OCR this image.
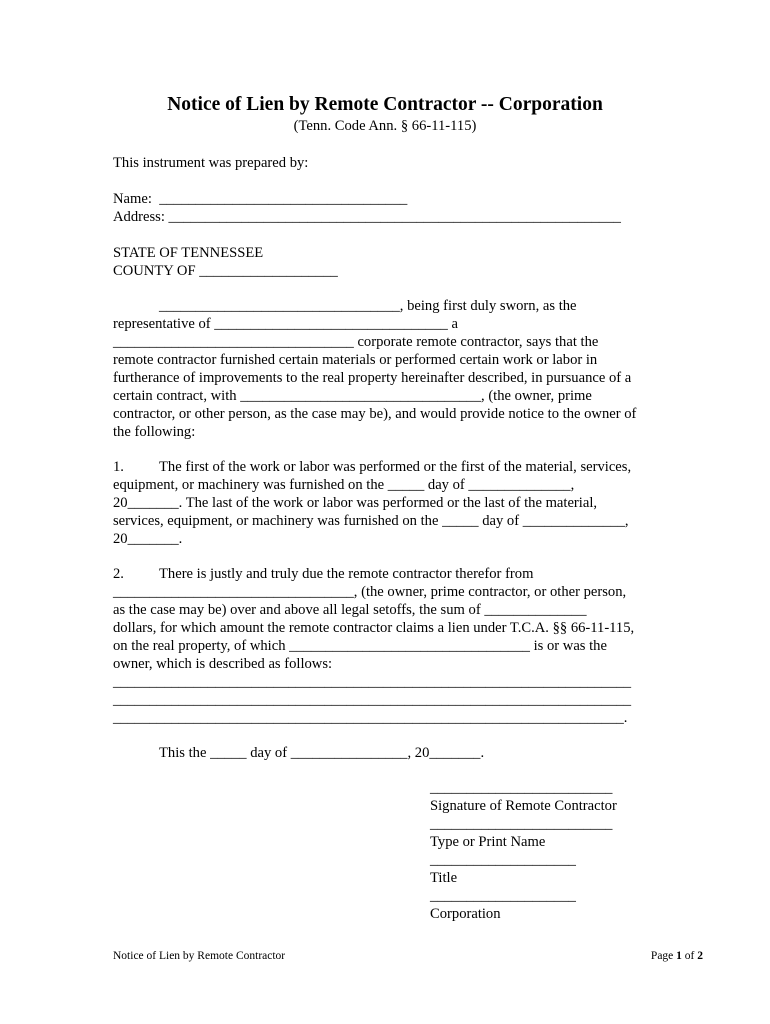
Notice of Lien by Remote Contractor -- Corporation
(Tenn. Code Ann. § 66-11-115)
This instrument was prepared by:
Name:  __________________________________
Address: ______________________________________________________________
STATE OF TENNESSEE
COUNTY OF ___________________
_________________________________, being first duly sworn, as the
representative of ________________________________ a
_________________________________ corporate remote contractor, says that the
remote contractor furnished certain materials or performed certain work or labor in
furtherance of improvements to the real property hereinafter described, in pursuance of a
certain contract, with _________________________________, (the owner, prime
contractor, or other person, as the case may be), and would provide notice to the owner of
the following:
1. The first of the work or labor was performed or the first of the material, services,
equipment, or machinery was furnished on the _____ day of ______________,
20_______. The last of the work or labor was performed or the last of the material,
services, equipment, or machinery was furnished on the _____ day of ______________,
20_______.
2. There is justly and truly due the remote contractor therefor from
_________________________________, (the owner, prime contractor, or other person,
as the case may be) over and above all legal setoffs, the sum of ______________
dollars, for which amount the remote contractor claims a lien under T.C.A. §§ 66-11-115,
on the real property, of which _________________________________ is or was the
owner, which is described as follows:
_______________________________________________________________________
_______________________________________________________________________
______________________________________________________________________.
This the _____ day of ________________, 20_______.
_________________________
Signature of Remote Contractor
_________________________
Type or Print Name
____________________
Title
____________________
Corporation
Notice of Lien by Remote Contractor	Page 1 of 2
